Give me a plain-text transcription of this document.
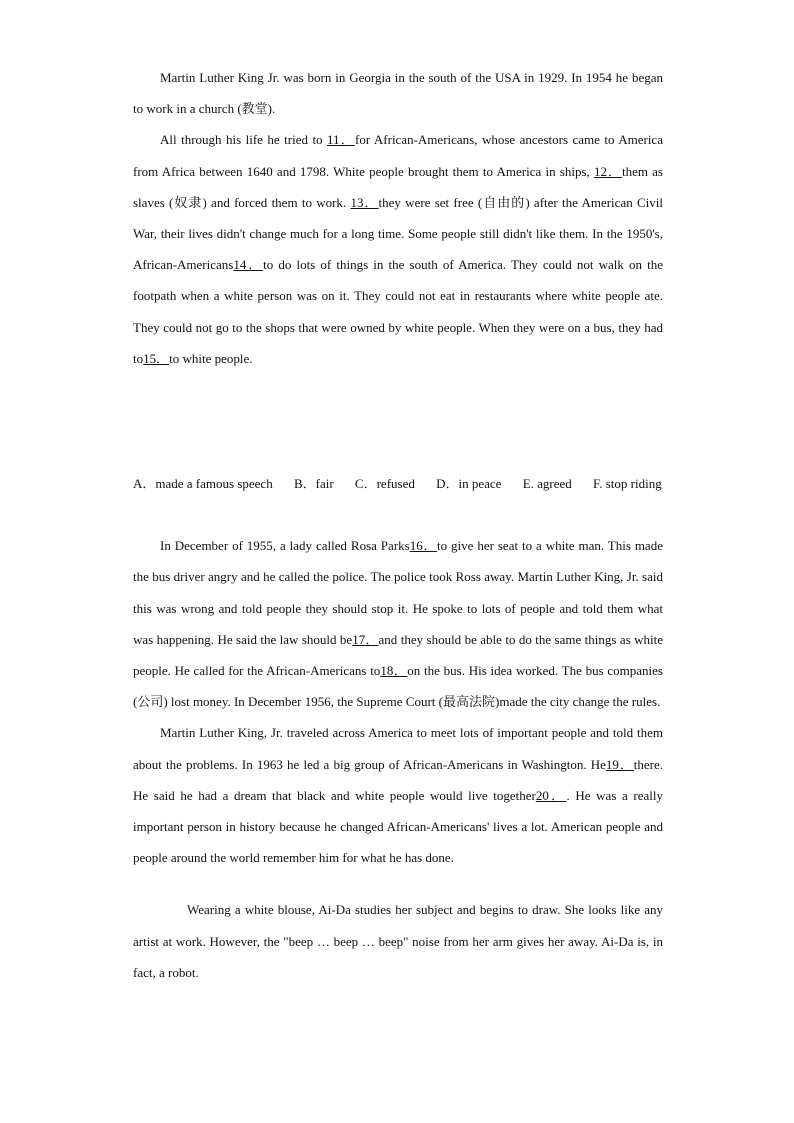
Martin Luther King Jr. was born in Georgia in the south of the USA in 1929. In 1954 he began to work in a church (教堂).

All through his life he tried to 11．for African-Americans, whose ancestors came to America from Africa between 1640 and 1798. White people brought them to America in ships, 12．them as slaves (奴隶) and forced them to work. 13．they were set free (自由的) after the American Civil War, their lives didn't change much for a long time. Some people still didn't like them. In the 1950's, African-Americans14．to do lots of things in the south of America. They could not walk on the footpath when a white person was on it. They could not eat in restaurants where white people ate. They could not go to the shops that were owned by white people. When they were on a bus, they had to15．to white people.

A．made a famous speech B．fair C．refused D．in peace E. agreed F. stop riding

In December of 1955, a lady called Rosa Parks16．to give her seat to a white man. This made the bus driver angry and he called the police. The police took Ross away. Martin Luther King, Jr. said this was wrong and told people they should stop it. He spoke to lots of people and told them what was happening. He said the law should be17．and they should be able to do the same things as white people. He called for the African-Americans to18．on the bus. His idea worked. The bus companies (公司) lost money. In December 1956, the Supreme Court (最高法院)made the city change the rules.

Martin Luther King, Jr. traveled across America to meet lots of important people and told them about the problems. In 1963 he led a big group of African-Americans in Washington. He19．there. He said he had a dream that black and white people would live together20．. He was a really important person in history because he changed African-Americans' lives a lot. American people and people around the world remember him for what he has done.

Wearing a white blouse, Ai-Da studies her subject and begins to draw. She looks like any artist at work. However, the "beep … beep … beep" noise from her arm gives her away. Ai-Da is, in fact, a robot.
